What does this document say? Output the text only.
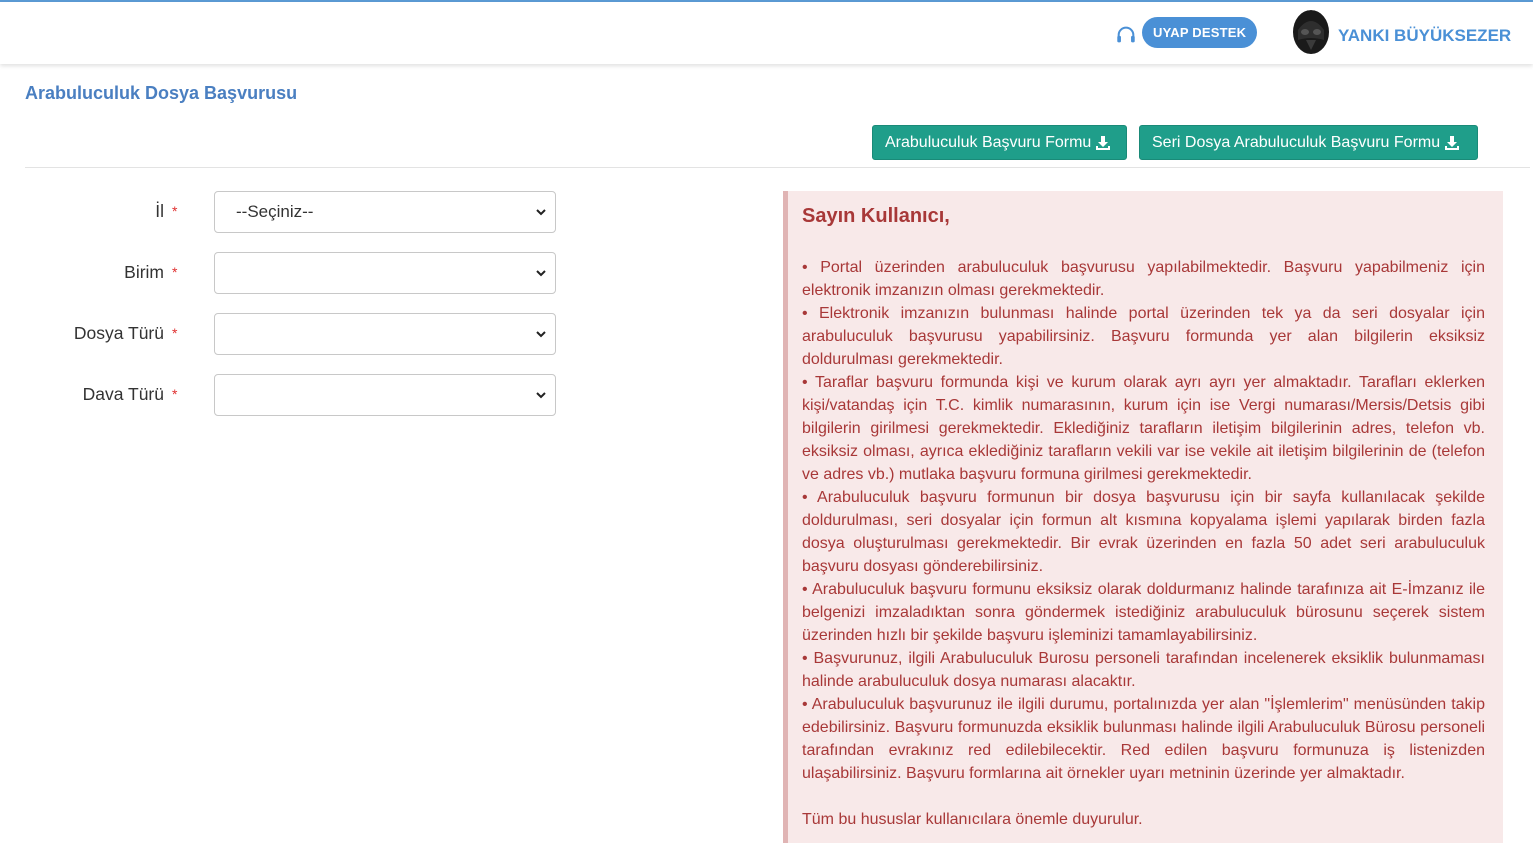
UYAP DESTEK	YANKI BÜYÜKSEZER
Arabuluculuk Dosya Başvurusu
Arabuluculuk Başvuru Formu	Seri Dosya Arabuluculuk Başvuru Formu
İl *	--Seçiniz--
Birim *
Dosya Türü *
Dava Türü *
Sayın Kullanıcı,

• Portal üzerinden arabuluculuk başvurusu yapılabilmektedir. Başvuru yapabilmeniz için elektronik imzanızın olması gerekmektedir.

• Elektronik imzanızın bulunması halinde portal üzerinden tek ya da seri dosyalar için arabuluculuk başvurusu yapabilirsiniz. Başvuru formunda yer alan bilgilerin eksiksiz doldurulması gerekmektedir.

• Taraflar başvuru formunda kişi ve kurum olarak ayrı ayrı yer almaktadır. Tarafları eklerken kişi/vatandaş için T.C. kimlik numarasının, kurum için ise Vergi numarası/Mersis/Detsis gibi bilgilerin girilmesi gerekmektedir. Eklediğiniz tarafların iletişim bilgilerinin adres, telefon vb. eksiksiz olması, ayrıca eklediğiniz tarafların vekili var ise vekile ait iletişim bilgilerinin de (telefon ve adres vb.) mutlaka başvuru formuna girilmesi gerekmektedir.

• Arabuluculuk başvuru formunun bir dosya başvurusu için bir sayfa kullanılacak şekilde doldurulması, seri dosyalar için formun alt kısmına kopyalama işlemi yapılarak birden fazla dosya oluşturulması gerekmektedir. Bir evrak üzerinden en fazla 50 adet seri arabuluculuk başvuru dosyası gönderebilirsiniz.

• Arabuluculuk başvuru formunu eksiksiz olarak doldurmanız halinde tarafınıza ait E-İmzanız ile belgenizi imzaladıktan sonra göndermek istediğiniz arabuluculuk bürosunu seçerek sistem üzerinden hızlı bir şekilde başvuru işleminizi tamamlayabilirsiniz.

• Başvurunuz, ilgili Arabuluculuk Burosu personeli tarafından incelenerek eksiklik bulunmaması halinde arabuluculuk dosya numarası alacaktır.

• Arabuluculuk başvurunuz ile ilgili durumu, portalınızda yer alan "İşlemlerim" menüsünden takip edebilirsiniz. Başvuru formunuzda eksiklik bulunması halinde ilgili Arabuluculuk Bürosu personeli tarafından evrakınız red edilebilecektir. Red edilen başvuru formunuza iş listenizden ulaşabilirsiniz. Başvuru formlarına ait örnekler uyarı metninin üzerinde yer almaktadır.

Tüm bu hususlar kullanıcılara önemle duyurulur.
